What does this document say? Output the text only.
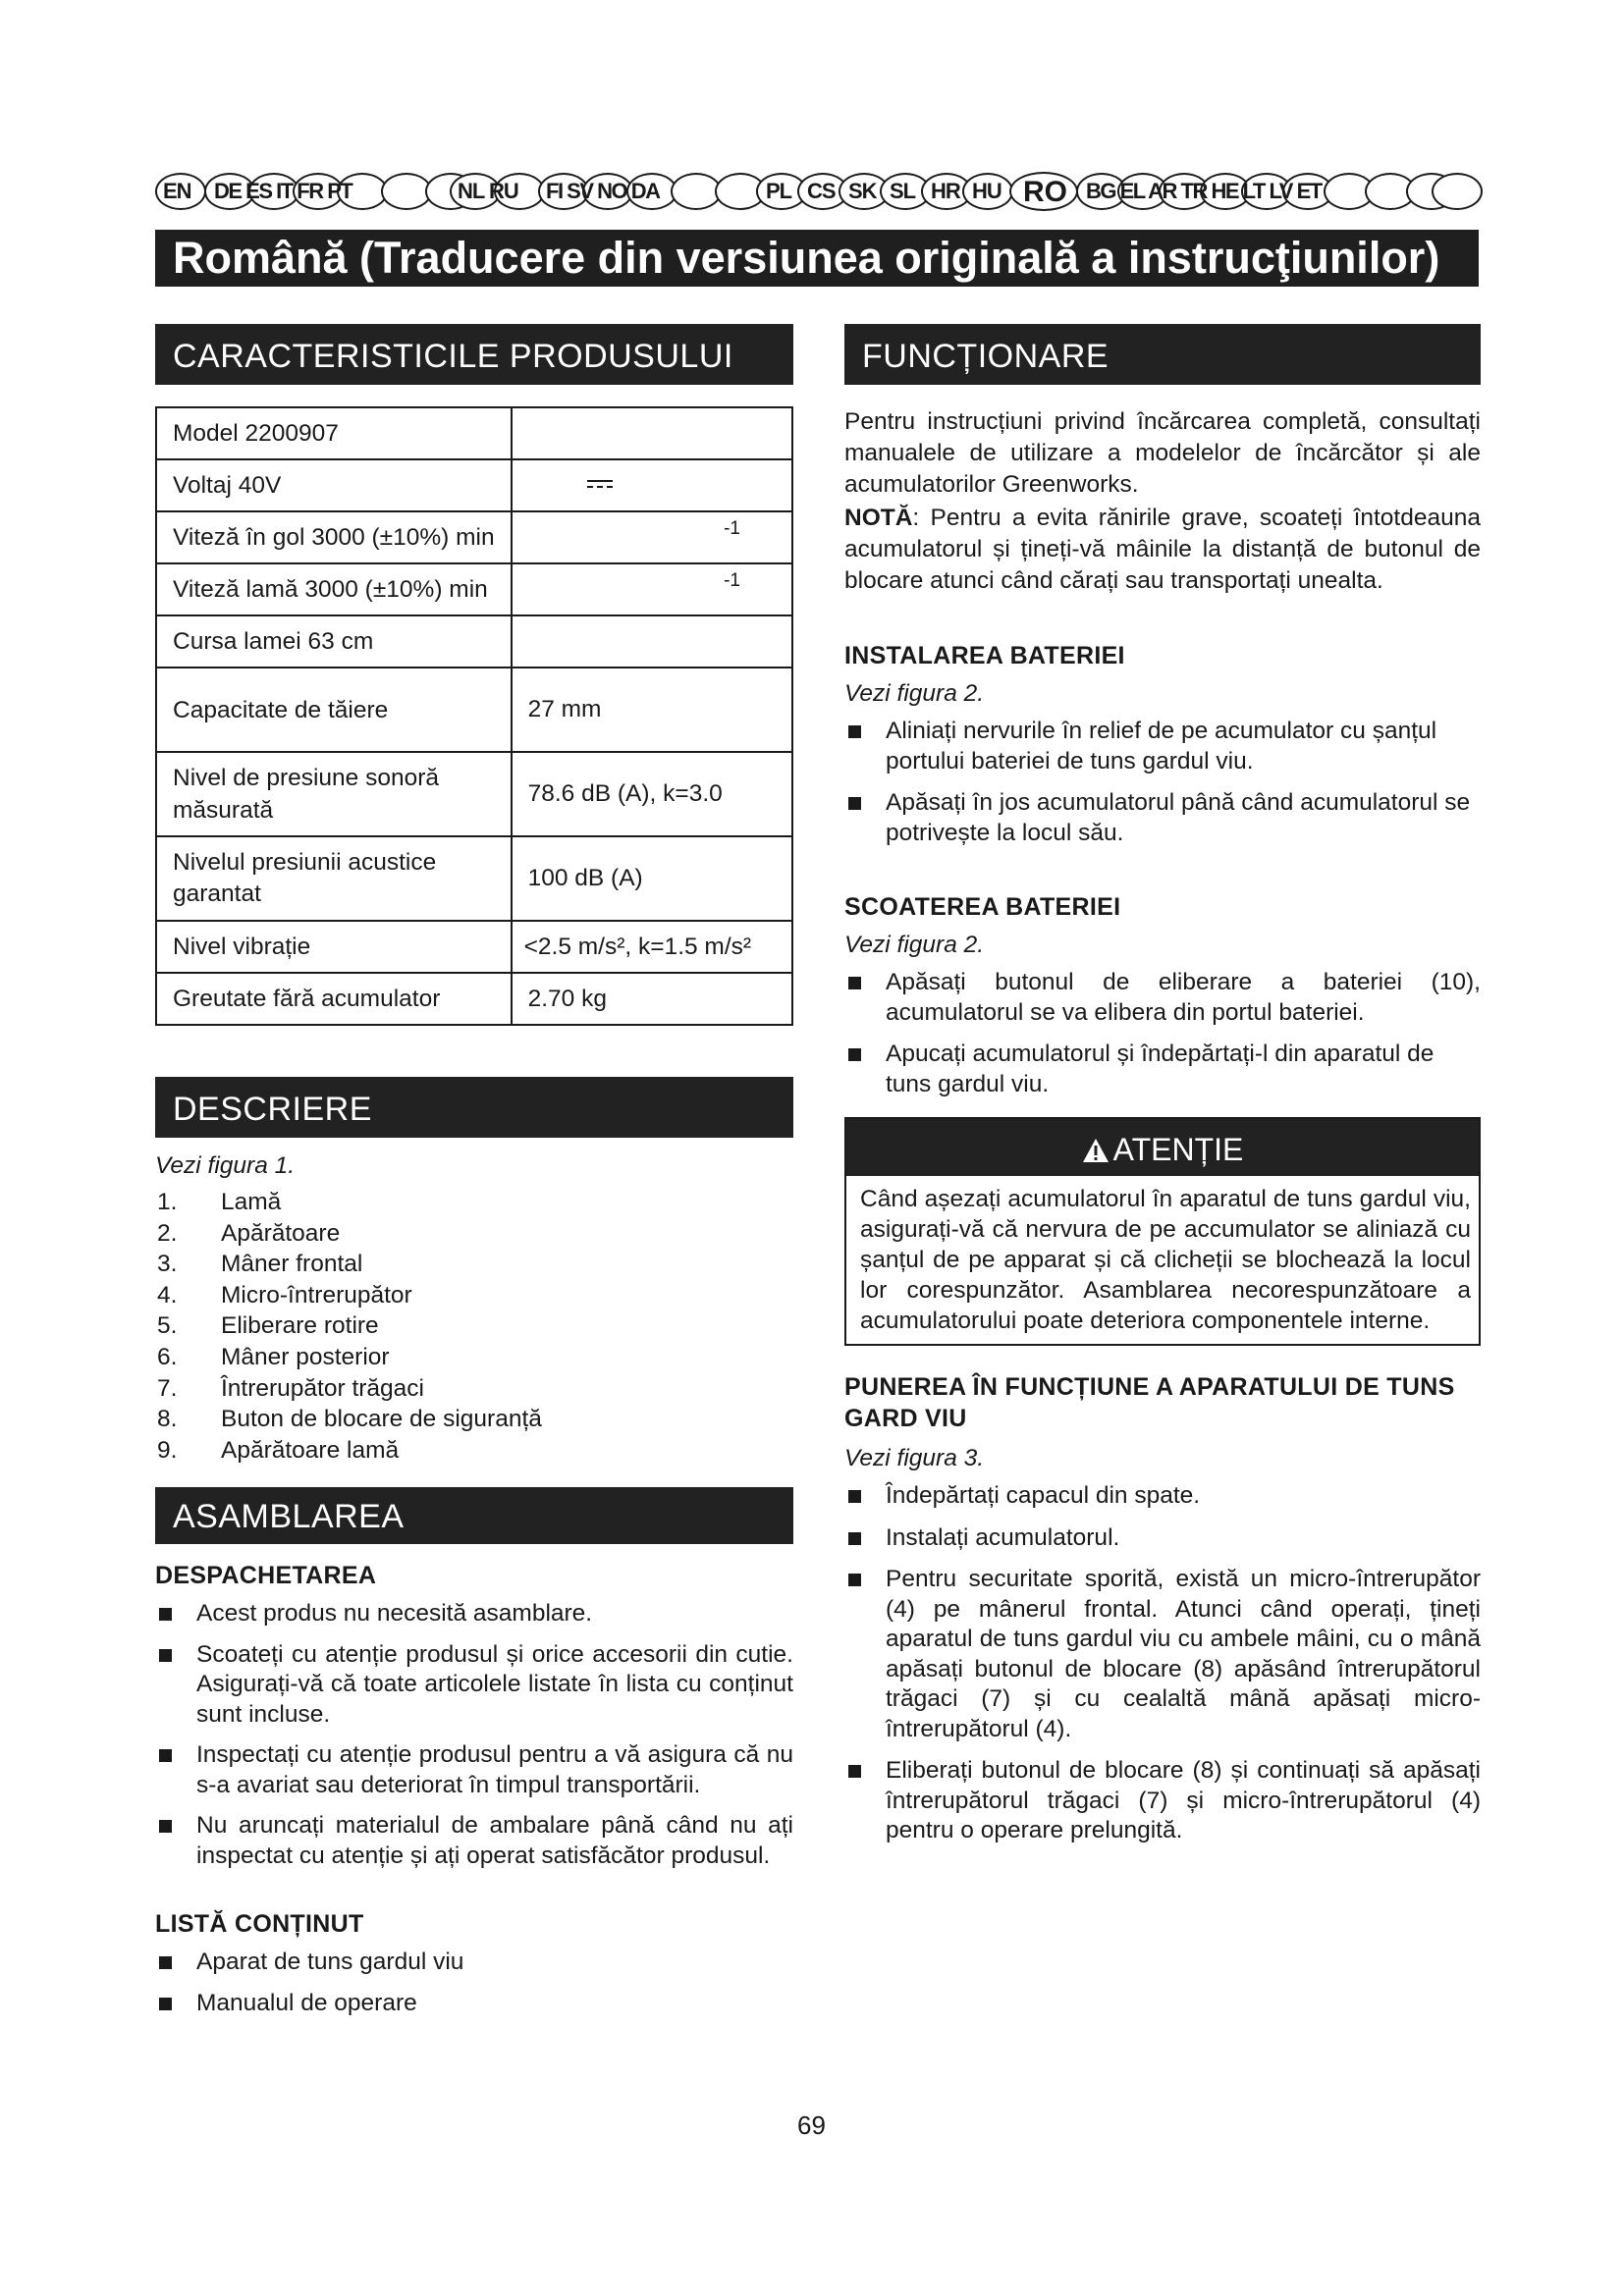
EN DE ES IT FR PT	NL RU FI SV NO DA	PL CS SK SL HR HU RO BG EL AR TR HE LT LV ET
Română (Traducere din versiunea originală a instrucţiunilor)
CARACTERISTICILE PRODUSULUI
Model 2200907	
Voltaj 40V	
Viteză în gol 3000 (±10%) min	-1

Viteză lamă 3000 (±10%) min	-1

Cursa lamei 63 cm	
Capacitate de tăiere	27 mm
Nivel de presiune sonoră măsurată	78.6 dB (A), k=3.0
Nivelul presiunii acustice garantat	100 dB (A)
Nivel vibrație	<2.5 m/s², k=1.5 m/s²
Greutate fără acumulator	2.70 kg
DESCRIERE
Vezi figura 1.
1. Lamă
2. Apărătoare
3. Mâner frontal
4. Micro-întrerupător
5. Eliberare rotire
6. Mâner posterior
7. Întrerupător trăgaci
8. Buton de blocare de siguranță
9. Apărătoare lamă
ASAMBLAREA
DESPACHETAREA
Acest produs nu necesită asamblare.
Scoateți cu atenție produsul și orice accesorii din cutie. Asigurați-vă că toate articolele listate în lista cu conținut sunt incluse.
Inspectați cu atenție produsul pentru a vă asigura că nu s-a avariat sau deteriorat în timpul transportării.
Nu aruncați materialul de ambalare până când nu ați inspectat cu atenție și ați operat satisfăcător produsul.
LISTĂ CONȚINUT
Aparat de tuns gardul viu
Manualul de operare
FUNCȚIONARE
Pentru instrucțiuni privind încărcarea completă, consultați manualele de utilizare a modelelor de încărcător și ale acumulatorilor Greenworks.
NOTĂ: Pentru a evita rănirile grave, scoateți întotdeauna acumulatorul și țineți-vă mâinile la distanță de butonul de blocare atunci când cărați sau transportați unealta.
INSTALAREA BATERIEI
Vezi figura 2.
Aliniați nervurile în relief de pe acumulator cu șanțul portului bateriei de tuns gardul viu.
Apăsați în jos acumulatorul până când acumulatorul se potrivește la locul său.
SCOATEREA BATERIEI
Vezi figura 2.
Apăsați butonul de eliberare a bateriei (10), acumulatorul se va elibera din portul bateriei.
Apucați acumulatorul și îndepărtați-l din aparatul de tuns gardul viu.
ATENȚIE
Când așezați acumulatorul în aparatul de tuns gardul viu, asigurați-vă că nervura de pe accumulator se aliniază cu șanțul de pe apparat și că clicheții se blochează la locul lor corespunzător. Asamblarea necorespunzătoare a acumulatorului poate deteriora componentele interne.
PUNEREA ÎN FUNCȚIUNE A APARATULUI DE TUNS GARD VIU
Vezi figura 3.
Îndepărtați capacul din spate.
Instalați acumulatorul.
Pentru securitate sporită, există un micro-întrerupător (4) pe mânerul frontal. Atunci când operați, țineți aparatul de tuns gardul viu cu ambele mâini, cu o mână apăsați butonul de blocare (8) apăsând întrerupătorul trăgaci (7) și cu cealaltă mână apăsați micro-întrerupătorul (4).
Eliberați butonul de blocare (8) și continuați să apăsați întrerupătorul trăgaci (7) și micro-întrerupătorul (4) pentru o operare prelungită.
69
